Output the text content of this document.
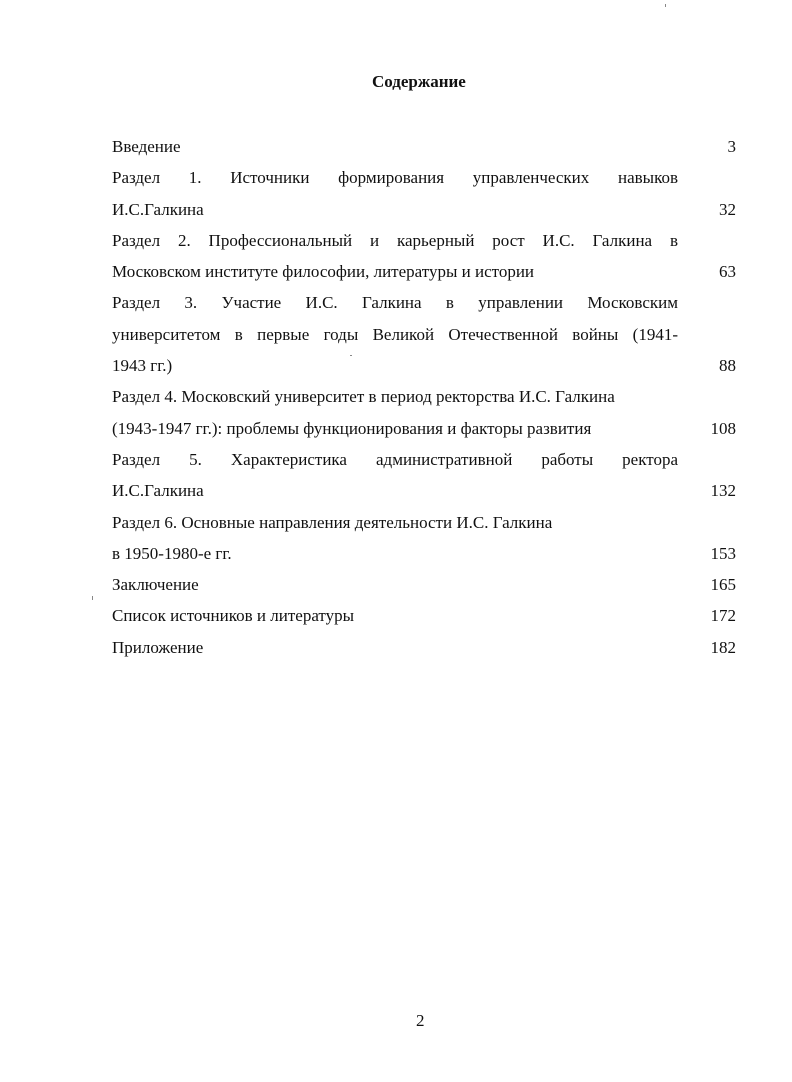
Содержание
Введение	3
Раздел 1. Источники формирования управленческих навыков
И.С.Галкина	32
Раздел 2. Профессиональный и карьерный рост И.С. Галкина в
Московском институте философии, литературы и истории	63
Раздел 3. Участие И.С. Галкина в управлении Московским
университетом в первые годы Великой Отечественной войны (1941-
1943 гг.)	88
Раздел 4. Московский университет в период ректорства И.С. Галкина
(1943-1947 гг.): проблемы функционирования и факторы развития	108
Раздел 5. Характеристика административной работы ректора
И.С.Галкина	132
Раздел 6. Основные направления деятельности И.С. Галкина
в 1950-1980-е гг.	153
Заключение	165
Список источников и литературы	172
Приложение	182
2
